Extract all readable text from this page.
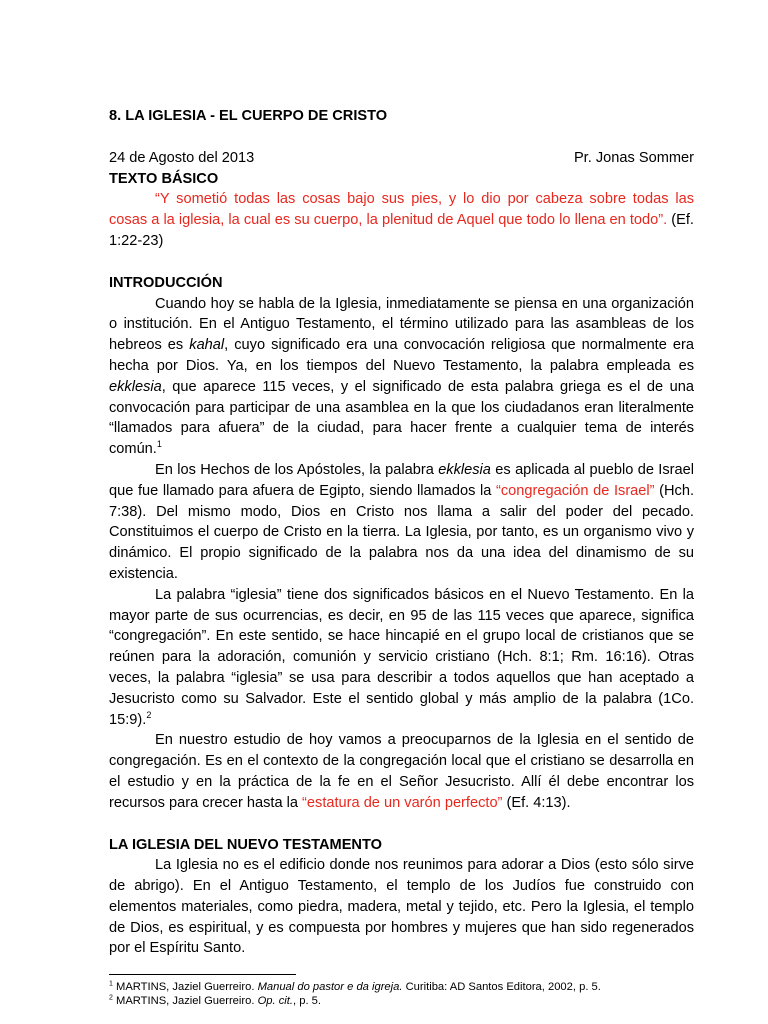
8. LA IGLESIA - EL CUERPO DE CRISTO

24 de Agosto del 2013	Pr. Jonas Sommer

TEXTO BÁSICO

“Y sometió todas las cosas bajo sus pies, y lo dio por cabeza sobre todas las cosas a la iglesia, la cual es su cuerpo, la plenitud de Aquel que todo lo llena en todo”. (Ef. 1:22-23)

INTRODUCCIÓN

Cuando hoy se habla de la Iglesia, inmediatamente se piensa en una organización o institución. En el Antiguo Testamento, el término utilizado para las asambleas de los hebreos es kahal, cuyo significado era una convocación religiosa que normalmente era hecha por Dios. Ya, en los tiempos del Nuevo Testamento, la palabra empleada es ekklesia, que aparece 115 veces, y el significado de esta palabra griega es el de una convocación para participar de una asamblea en la que los ciudadanos eran literalmente “llamados para afuera” de la ciudad, para hacer frente a cualquier tema de interés común.$^1$

En los Hechos de los Apóstoles, la palabra ekklesia es aplicada al pueblo de Israel que fue llamado para afuera de Egipto, siendo llamados la “congregación de Israel” (Hch. 7:38). Del mismo modo, Dios en Cristo nos llama a salir del poder del pecado. Constituimos el cuerpo de Cristo en la tierra. La Iglesia, por tanto, es un organismo vivo y dinámico. El propio significado de la palabra nos da una idea del dinamismo de su existencia.

La palabra “iglesia” tiene dos significados básicos en el Nuevo Testamento. En la mayor parte de sus ocurrencias, es decir, en 95 de las 115 veces que aparece, significa “congregación”. En este sentido, se hace hincapié en el grupo local de cristianos que se reúnen para la adoración, comunión y servicio cristiano (Hch. 8:1; Rm. 16:16). Otras veces, la palabra “iglesia” se usa para describir a todos aquellos que han aceptado a Jesucristo como su Salvador. Este el sentido global y más amplio de la palabra (1Co. 15:9).$^2$

En nuestro estudio de hoy vamos a preocuparnos de la Iglesia en el sentido de congregación. Es en el contexto de la congregación local que el cristiano se desarrolla en el estudio y en la práctica de la fe en el Señor Jesucristo. Allí él debe encontrar los recursos para crecer hasta la “estatura de un varón perfecto” (Ef. 4:13).

LA IGLESIA DEL NUEVO TESTAMENTO

La Iglesia no es el edificio donde nos reunimos para adorar a Dios (esto sólo sirve de abrigo). En el Antiguo Testamento, el templo de los Judíos fue construido con elementos materiales, como piedra, madera, metal y tejido, etc. Pero la Iglesia, el templo de Dios, es espiritual, y es compuesta por hombres y mujeres que han sido regenerados por el Espíritu Santo.

$^1$ MARTINS, Jaziel Guerreiro. Manual do pastor e da igreja. Curitiba: AD Santos Editora, 2002, p. 5.
$^2$ MARTINS, Jaziel Guerreiro. Op. cit., p. 5.
